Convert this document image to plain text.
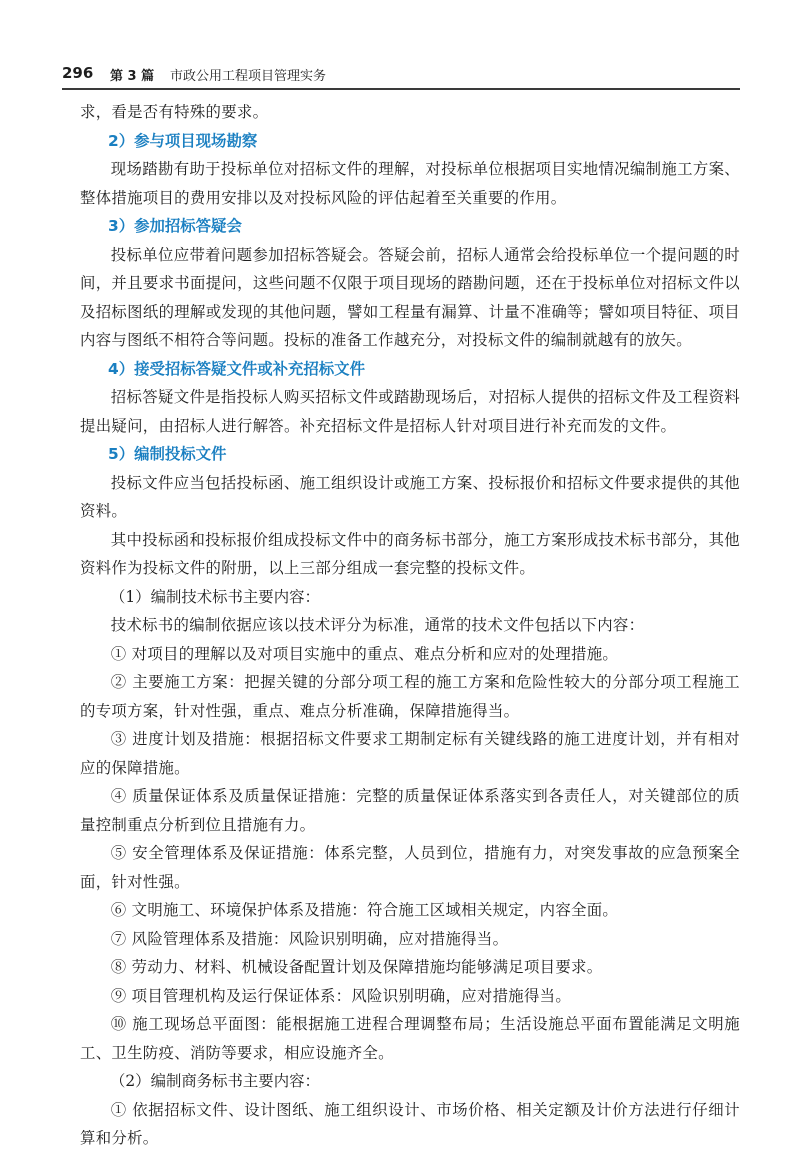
296 第 3 篇 市政公用工程项目管理实务

求，看是否有特殊的要求。

2）参与项目现场勘察

现场踏勘有助于投标单位对招标文件的理解，对投标单位根据项目实地情况编制施工方案、整体措施项目的费用安排以及对投标风险的评估起着至关重要的作用。

3）参加招标答疑会

投标单位应带着问题参加招标答疑会。答疑会前，招标人通常会给投标单位一个提问题的时间，并且要求书面提问，这些问题不仅限于项目现场的踏勘问题，还在于投标单位对招标文件以及招标图纸的理解或发现的其他问题，譬如工程量有漏算、计量不准确等；譬如项目特征、项目内容与图纸不相符合等问题。投标的准备工作越充分，对投标文件的编制就越有的放矢。

4）接受招标答疑文件或补充招标文件

招标答疑文件是指投标人购买招标文件或踏勘现场后，对招标人提供的招标文件及工程资料提出疑问，由招标人进行解答。补充招标文件是招标人针对项目进行补充而发的文件。

5）编制投标文件

投标文件应当包括投标函、施工组织设计或施工方案、投标报价和招标文件要求提供的其他资料。

其中投标函和投标报价组成投标文件中的商务标书部分，施工方案形成技术标书部分，其他资料作为投标文件的附册，以上三部分组成一套完整的投标文件。

（1）编制技术标书主要内容：

技术标书的编制依据应该以技术评分为标准，通常的技术文件包括以下内容：

① 对项目的理解以及对项目实施中的重点、难点分析和应对的处理措施。

② 主要施工方案：把握关键的分部分项工程的施工方案和危险性较大的分部分项工程施工的专项方案，针对性强，重点、难点分析准确，保障措施得当。

③ 进度计划及措施：根据招标文件要求工期制定标有关键线路的施工进度计划，并有相对应的保障措施。

④ 质量保证体系及质量保证措施：完整的质量保证体系落实到各责任人，对关键部位的质量控制重点分析到位且措施有力。

⑤ 安全管理体系及保证措施：体系完整，人员到位，措施有力，对突发事故的应急预案全面，针对性强。

⑥ 文明施工、环境保护体系及措施：符合施工区域相关规定，内容全面。

⑦ 风险管理体系及措施：风险识别明确，应对措施得当。

⑧ 劳动力、材料、机械设备配置计划及保障措施均能够满足项目要求。

⑨ 项目管理机构及运行保证体系：风险识别明确，应对措施得当。

⑩ 施工现场总平面图：能根据施工进程合理调整布局；生活设施总平面布置能满足文明施工、卫生防疫、消防等要求，相应设施齐全。

（2）编制商务标书主要内容：

① 依据招标文件、设计图纸、施工组织设计、市场价格、相关定额及计价方法进行仔细计算和分析。
